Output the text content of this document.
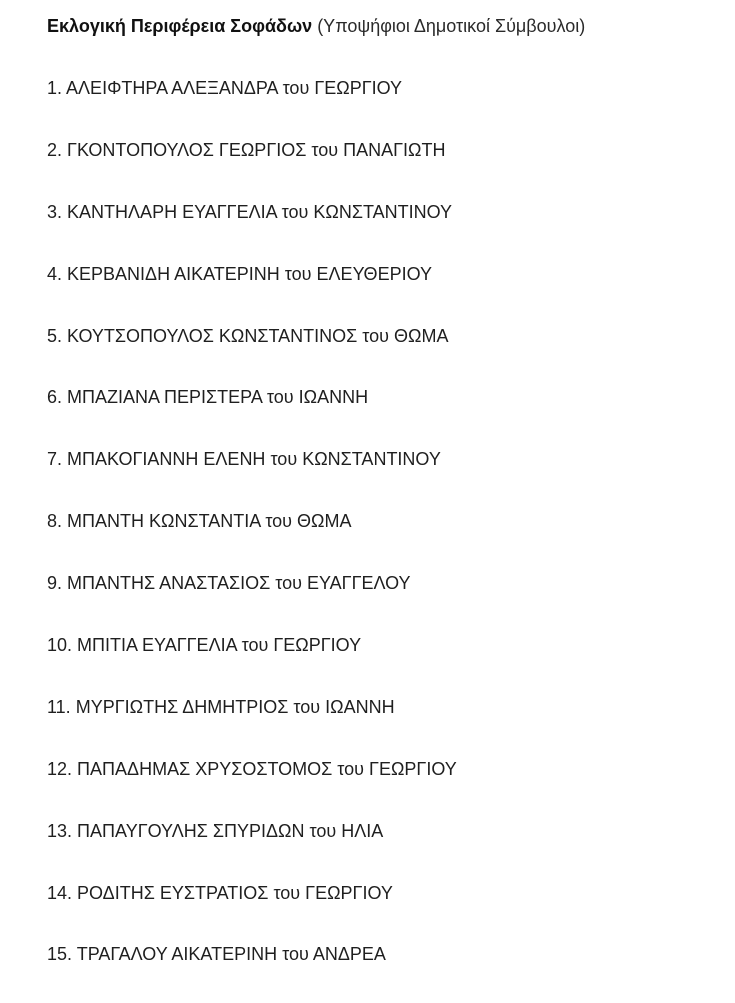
Εκλογική Περιφέρεια Σοφάδων (Υποψήφιοι Δημοτικοί Σύμβουλοι)
1. ΑΛΕΙΦΤΗΡΑ ΑΛΕΞΑΝΔΡΑ του ΓΕΩΡΓΙΟΥ
2. ΓΚΟΝΤΟΠΟΥΛΟΣ ΓΕΩΡΓΙΟΣ του ΠΑΝΑΓΙΩΤΗ
3. ΚΑΝΤΗΛΑΡΗ ΕΥΑΓΓΕΛΙΑ του ΚΩΝΣΤΑΝΤΙΝΟΥ
4. ΚΕΡΒΑΝΙΔΗ ΑΙΚΑΤΕΡΙΝΗ του ΕΛΕΥΘΕΡΙΟΥ
5. ΚΟΥΤΣΟΠΟΥΛΟΣ ΚΩΝΣΤΑΝΤΙΝΟΣ του ΘΩΜΑ
6. ΜΠΑΖΙΑΝΑ ΠΕΡΙΣΤΕΡΑ του ΙΩΑΝΝΗ
7. ΜΠΑΚΟΓΙΑΝΝΗ ΕΛΕΝΗ του ΚΩΝΣΤΑΝΤΙΝΟΥ
8. ΜΠΑΝΤΗ ΚΩΝΣΤΑΝΤΙΑ του ΘΩΜΑ
9. ΜΠΑΝΤΗΣ ΑΝΑΣΤΑΣΙΟΣ του ΕΥΑΓΓΕΛΟΥ
10. ΜΠΙΤΙΑ ΕΥΑΓΓΕΛΙΑ του ΓΕΩΡΓΙΟΥ
11. ΜΥΡΓΙΩΤΗΣ ΔΗΜΗΤΡΙΟΣ του ΙΩΑΝΝΗ
12. ΠΑΠΑΔΗΜΑΣ ΧΡΥΣΟΣΤΟΜΟΣ του ΓΕΩΡΓΙΟΥ
13. ΠΑΠΑΥΓΟΥΛΗΣ ΣΠΥΡΙΔΩΝ του ΗΛΙΑ
14. ΡΟΔΙΤΗΣ ΕΥΣΤΡΑΤΙΟΣ του ΓΕΩΡΓΙΟΥ
15. ΤΡΑΓΑΛΟΥ ΑΙΚΑΤΕΡΙΝΗ του ΑΝΔΡΕΑ
